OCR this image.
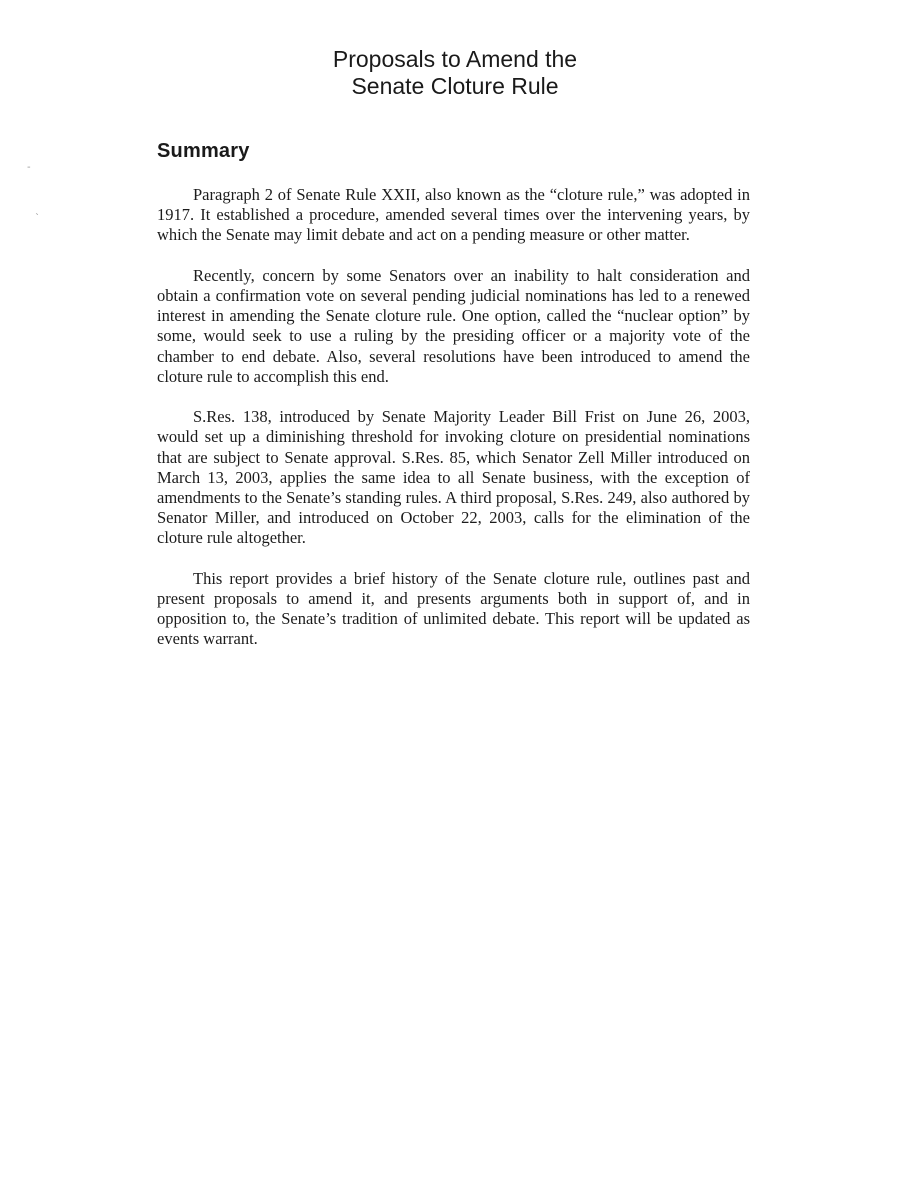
-
`
Proposals to Amend the
Senate Cloture Rule
Summary

Paragraph 2 of Senate Rule XXII, also known as the “cloture rule,” was adopted in 1917. It established a procedure, amended several times over the intervening years, by which the Senate may limit debate and act on a pending measure or other matter.

Recently, concern by some Senators over an inability to halt consideration and obtain a confirmation vote on several pending judicial nominations has led to a renewed interest in amending the Senate cloture rule. One option, called the “nuclear option” by some, would seek to use a ruling by the presiding officer or a majority vote of the chamber to end debate. Also, several resolutions have been introduced to amend the cloture rule to accomplish this end.

S.Res. 138, introduced by Senate Majority Leader Bill Frist on June 26, 2003, would set up a diminishing threshold for invoking cloture on presidential nominations that are subject to Senate approval. S.Res. 85, which Senator Zell Miller introduced on March 13, 2003, applies the same idea to all Senate business, with the exception of amendments to the Senate’s standing rules. A third proposal, S.Res. 249, also authored by Senator Miller, and introduced on October 22, 2003, calls for the elimination of the cloture rule altogether.

This report provides a brief history of the Senate cloture rule, outlines past and present proposals to amend it, and presents arguments both in support of, and in opposition to, the Senate’s tradition of unlimited debate. This report will be updated as events warrant.
